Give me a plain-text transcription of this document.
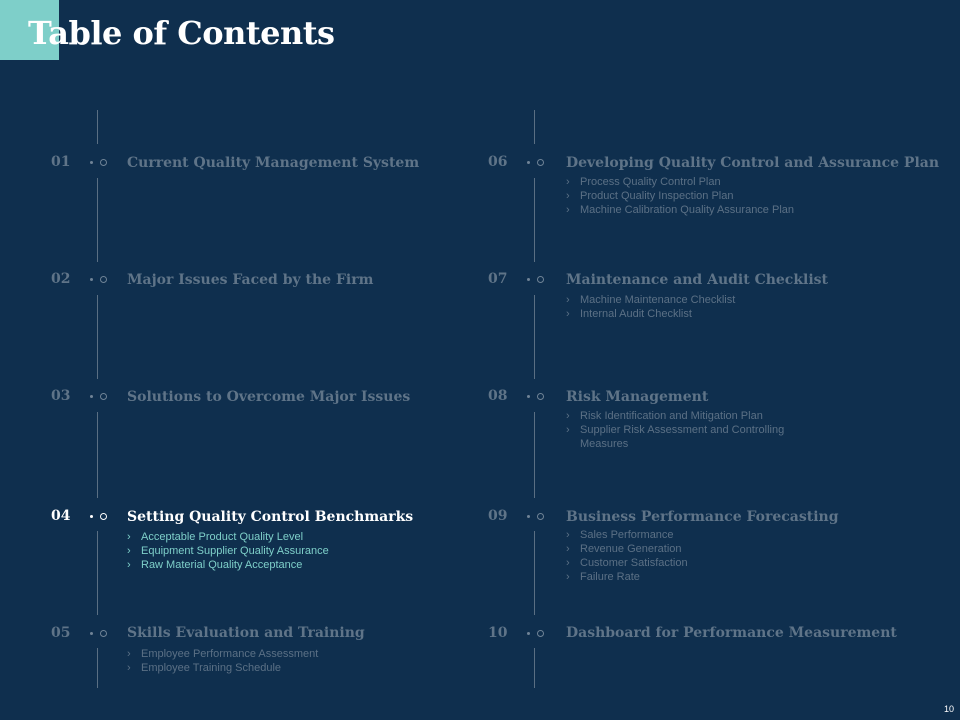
Table of Contents
01	Current Quality Management System
02	Major Issues Faced by the Firm
03	Solutions to Overcome Major Issues
04	Setting Quality Control Benchmarks
› Acceptable Product Quality Level
› Equipment Supplier Quality Assurance
› Raw Material Quality Acceptance
05	Skills Evaluation and Training
› Employee Performance Assessment
› Employee Training Schedule
06	Developing Quality Control and Assurance Plan
› Process Quality Control Plan
› Product Quality Inspection Plan
› Machine Calibration Quality Assurance Plan
07	Maintenance and Audit Checklist
› Machine Maintenance Checklist
› Internal Audit Checklist
08	Risk Management
› Risk Identification and Mitigation Plan
› Supplier Risk Assessment and Controlling
Measures
09	Business Performance Forecasting
› Sales Performance
› Revenue Generation
› Customer Satisfaction
› Failure Rate
10	Dashboard for Performance Measurement
10
